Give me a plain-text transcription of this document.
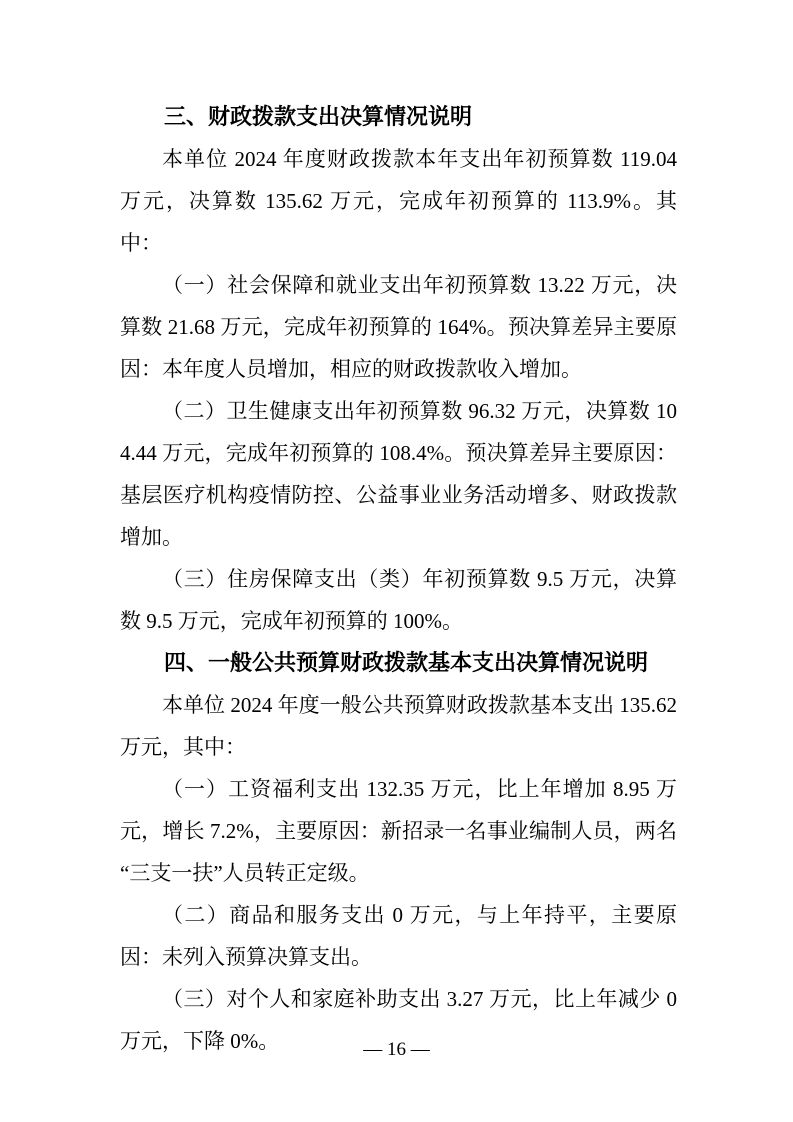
三、财政拨款支出决算情况说明

本单位 2024 年度财政拨款本年支出年初预算数 119.04 万元，决算数 135.62 万元，完成年初预算的 113.9%。其中：

（一）社会保障和就业支出年初预算数 13.22 万元，决算数 21.68 万元，完成年初预算的 164%。预决算差异主要原因：本年度人员增加，相应的财政拨款收入增加。

（二）卫生健康支出年初预算数 96.32 万元，决算数 104.44 万元，完成年初预算的 108.4%。预决算差异主要原因：基层医疗机构疫情防控、公益事业业务活动增多、财政拨款增加。

（三）住房保障支出（类）年初预算数 9.5 万元，决算数 9.5 万元，完成年初预算的 100%。

四、一般公共预算财政拨款基本支出决算情况说明

本单位 2024 年度一般公共预算财政拨款基本支出 135.62 万元，其中：

（一）工资福利支出 132.35 万元，比上年增加 8.95 万元，增长 7.2%，主要原因：新招录一名事业编制人员，两名“三支一扶”人员转正定级。

（二）商品和服务支出 0 万元，与上年持平，主要原因：未列入预算决算支出。

（三）对个人和家庭补助支出 3.27 万元，比上年减少 0 万元，下降 0%。	— 16 —
